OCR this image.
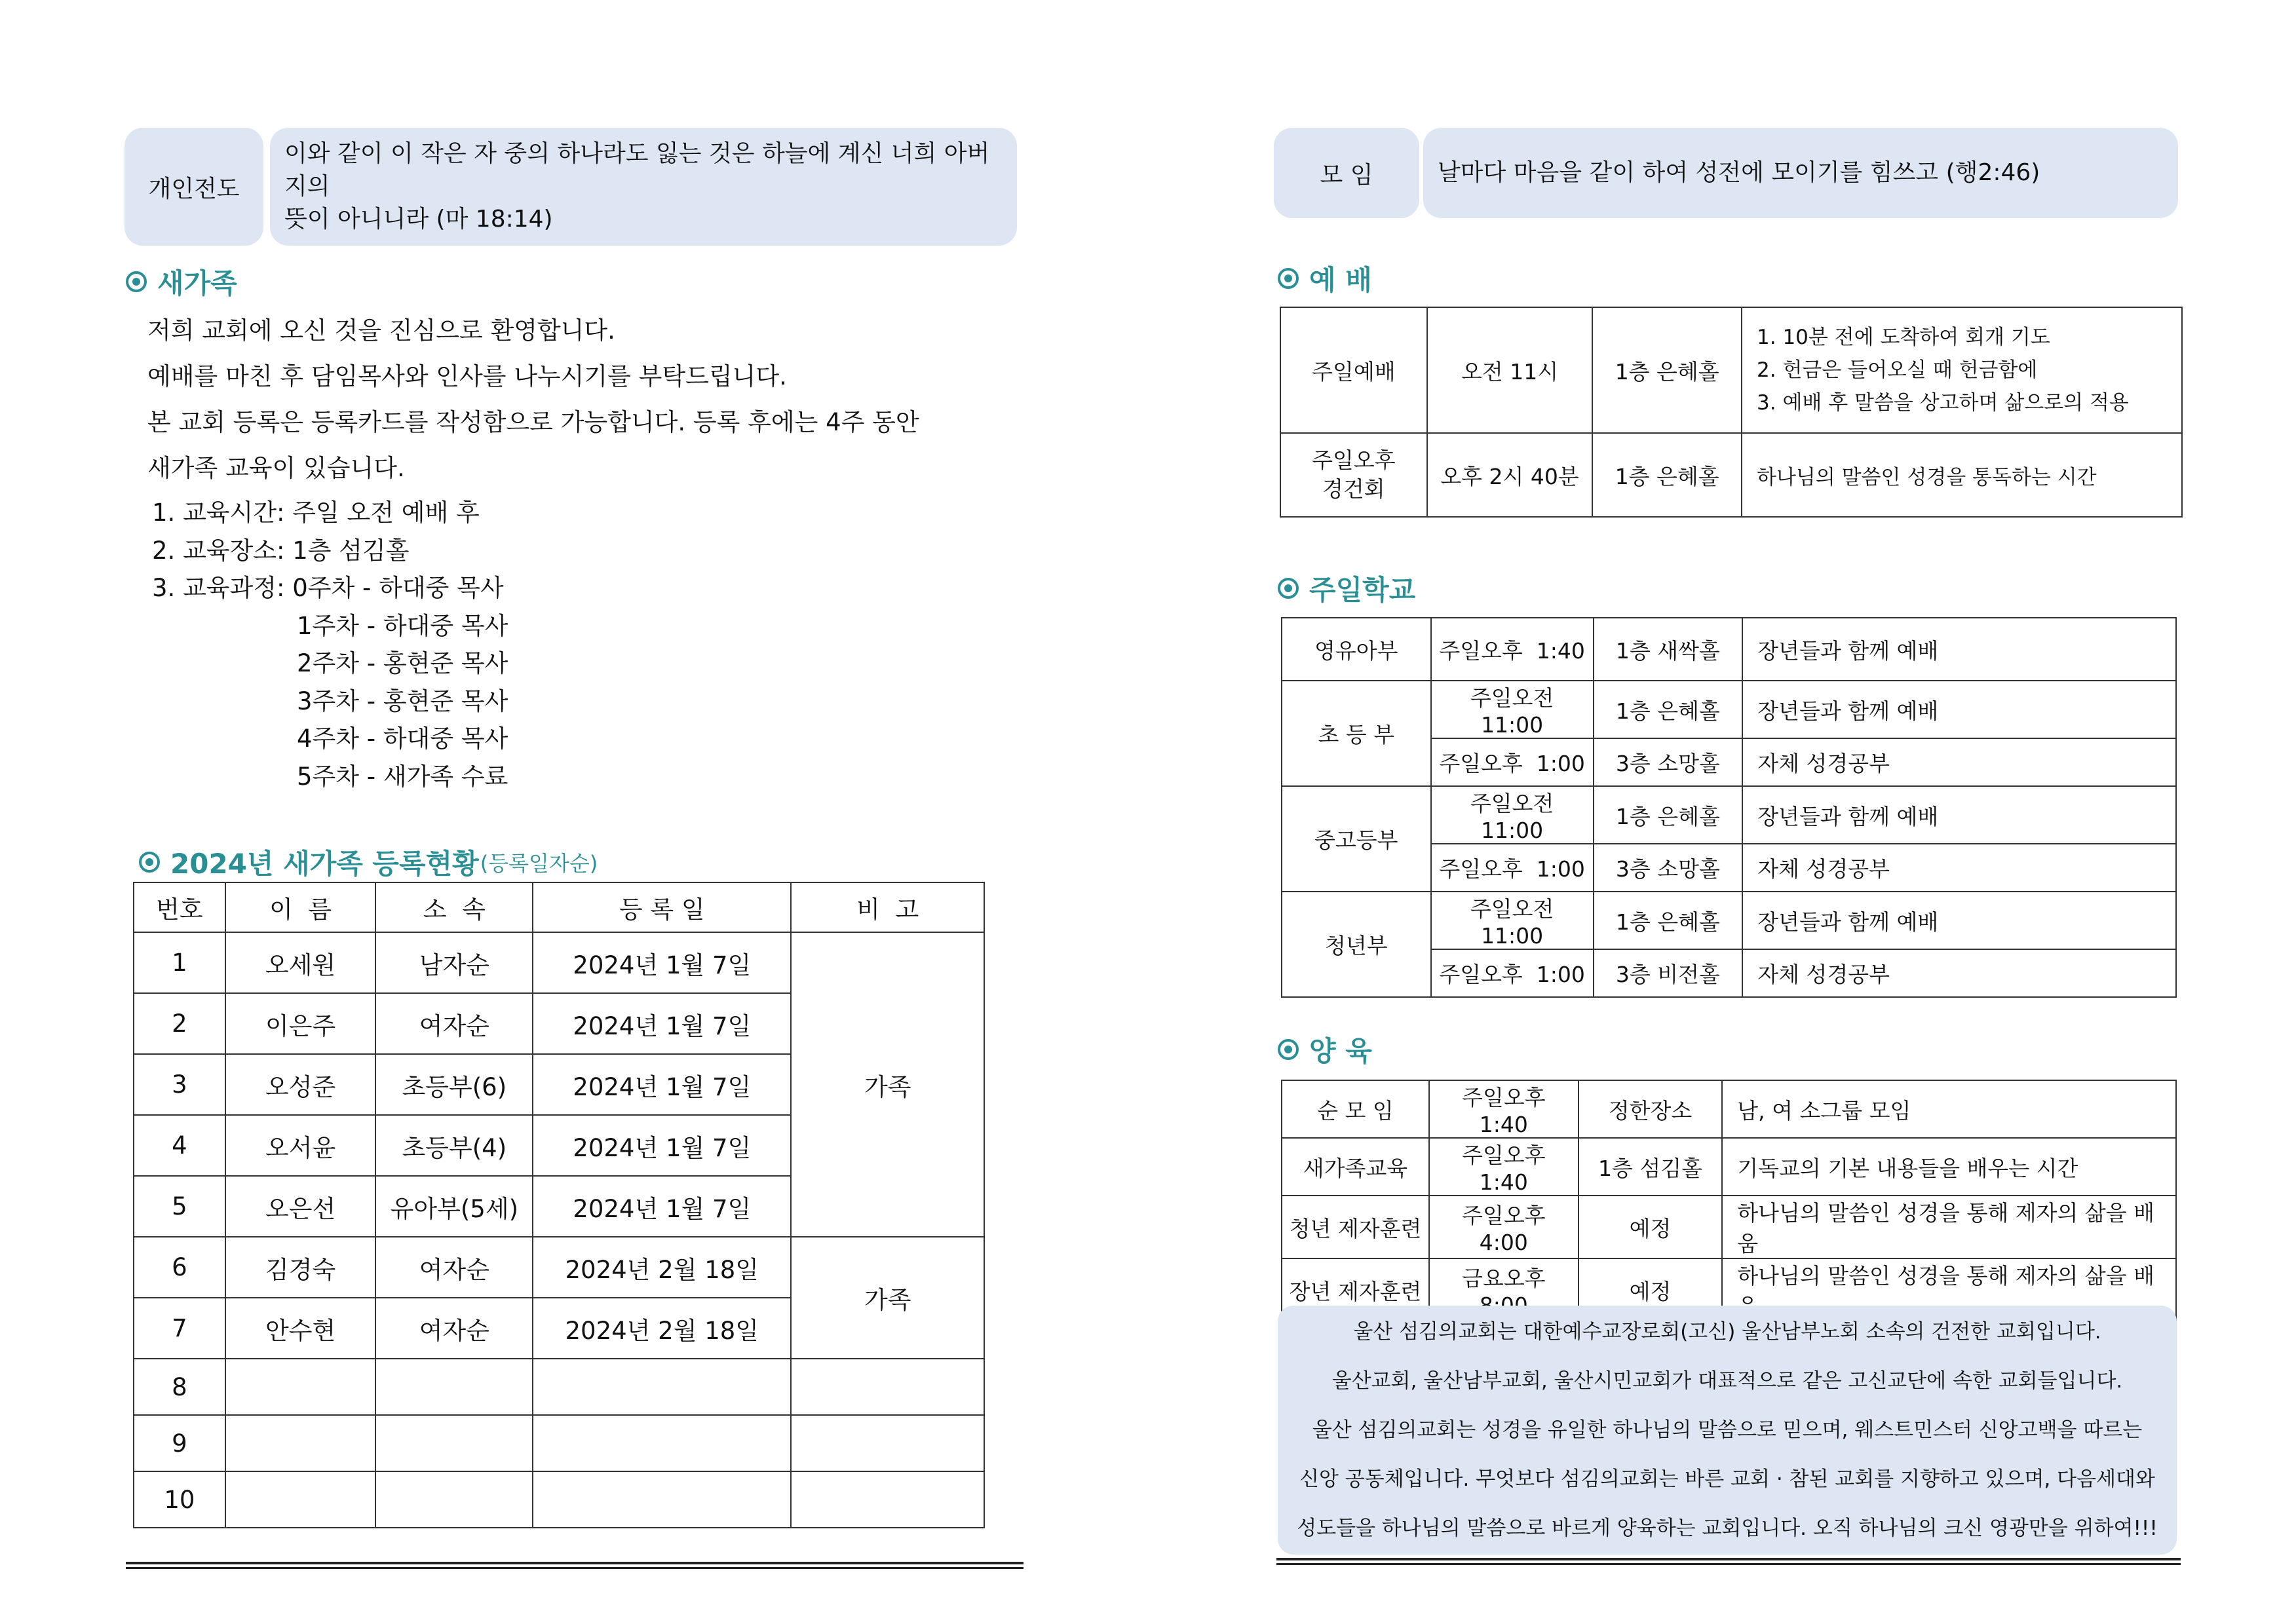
개인전도
이와 같이 이 작은 자 중의 하나라도 잃는 것은 하늘에 계신 너희 아버지의
뜻이 아니니라 (마 18:14)
새가족
저희 교회에 오신 것을 진심으로 환영합니다.
예배를 마친 후 담임목사와 인사를 나누시기를 부탁드립니다.
본 교회 등록은 등록카드를 작성함으로 가능합니다. 등록 후에는 4주 동안
새가족 교육이 있습니다.
1. 교육시간: 주일 오전 예배 후
2. 교육장소: 1층 섬김홀
3. 교육과정: 0주차 - 하대중 목사
1주차 - 하대중 목사
2주차 - 홍현준 목사
3주차 - 홍현준 목사
4주차 - 하대중 목사
5주차 - 새가족 수료
2024년 새가족 등록현황 (등록일자순)
번호	이  름	소  속	등 록 일	비  고
1	오세원	남자순	2024년 1월 7일	가족
2	이은주	여자순	2024년 1월 7일	
3	오성준	초등부(6)	2024년 1월 7일	
4	오서윤	초등부(4)	2024년 1월 7일	
5	오은선	유아부(5세)	2024년 1월 7일	
6	김경숙	여자순	2024년 2월 18일	가족
7	안수현	여자순	2024년 2월 18일	
8				
9				
10				
모 임	날마다 마음을 같이 하여 성전에 모이기를 힘쓰고 (행2:46)
예 배
주일예배	오전 11시	1층 은혜홀	1. 10분 전에 도착하여 회개 기도
2. 헌금은 들어오실 때 헌금함에
3. 예배 후 말씀을 상고하며 삶으로의 적용

주일오후
경건회	오후 2시 40분	1층 은혜홀	하나님의 말씀인 성경을 통독하는 시간
주일학교
영유아부	주일오후  1:40	1층 새싹홀	장년들과 함께 예배
초 등 부	주일오전 11:00	1층 은혜홀	장년들과 함께 예배
	주일오후  1:00	3층 소망홀	자체 성경공부
중고등부	주일오전 11:00	1층 은혜홀	장년들과 함께 예배
	주일오후  1:00	3층 소망홀	자체 성경공부
청년부	주일오전 11:00	1층 은혜홀	장년들과 함께 예배
	주일오후  1:00	3층 비전홀	자체 성경공부
양 육
순 모 임	주일오후 1:40	정한장소	남, 여 소그룹 모임
새가족교육	주일오후 1:40	1층 섬김홀	기독교의 기본 내용들을 배우는 시간
청년 제자훈련	주일오후 4:00	예정	하나님의 말씀인 성경을 통해 제자의 삶을 배움
장년 제자훈련	금요오후	예정	하나님의 말씀인 성경을 통해 제자의 삶을 배
울산 섬김의교회는 대한예수교장로회(고신) 울산남부노회 소속의 건전한 교회입니다.
울산교회, 울산남부교회, 울산시민교회가 대표적으로 같은 고신교단에 속한 교회들입니다.
울산 섬김의교회는 성경을 유일한 하나님의 말씀으로 믿으며, 웨스트민스터 신앙고백을 따르는
신앙 공동체입니다. 무엇보다 섬김의교회는 바른 교회 · 참된 교회를 지향하고 있으며, 다음세대와
성도들을 하나님의 말씀으로 바르게 양육하는 교회입니다. 오직 하나님의 크신 영광만을 위하여!!!
